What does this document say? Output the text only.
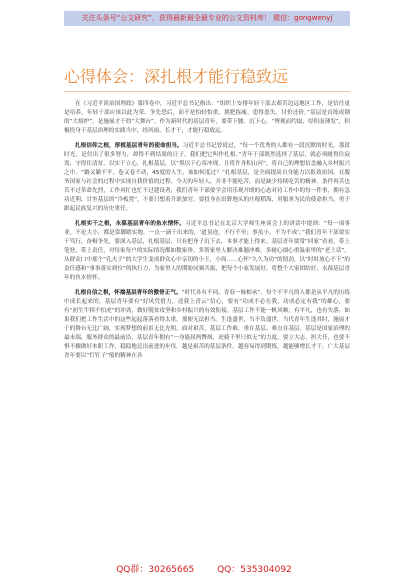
关注头条号“公文研究”，获得最新最全最专业的公文资料库！ 微信：gongwenyj
心得体会：深扎根才能行稳致远

在《习近平谈治国理政》第四卷中，习近平总书记指出：“组织上安排年轻干部去艰苦边远地区工作，是信任更是培养，年轻干部应该以此为荣、争先恐后，而不是怕轻怕重、挑肥拣瘦、患得患失、讨价还价。”基层是首练成钢的“大熔炉”，是施展才干的“大舞台”，作为新时代的基层青年，要带下腰、沉下心，“博观而约取，厚积而薄发”，积极投身于基层治理的实践当中，经风雨、长才干，才能行稳致远。

扎根信仰之根，厚植基层青年的使命担当。习近平总书记曾说过，“每一个优秀的人都有一段沉默的时光，那段时光，是付出了很多努力，却得不到结果的日子，我们把它叫作扎根。”青年干部既然选择了基层，就必须耐得住寂寞、守得住清贫，以实干立心，扎根基层，以“黑以干心寄冲现，且将许身积山河”，将自己的理想信念融入乡村振兴之中。“躺又躺不平，卷又卷不动，45度的人生，该如何度过？”扎根基层，是全面提高自身能力以报效祖国、在服务国家与社会的过程中实现自我价值的过程。今天的年轻人，并非不能吃苦，而是缺少持续吃苦的精神。条件再苦也苦不过革命先烈，工作再忙也忙不过建设者，我们青年干部要学会用乐观开朗的心态对待工作中的每一件事，拥有急功近利、甘坐基层的“冷板凳”，不要只想着升职加官，要投身在田野地头的庄稼稻海，用服务为民的使命担当，勇于跟起民族复兴的历史重任。

扎根实干之根，永葆基层青年的鱼水情怀。习近平总书记在北京大学师生座谈会上的讲话中提到：“每一项事业，不论大小，都是靠脚踏实地、一点一滴干出来的，‘道虽迩，不行不至；事虽小，不为不成’。”我们青年干部要实干笃行，奋楫争先，要深入基层，扎根基层，只有把身子沉下去，本事才能上得来。基层青年要常“回家”看看，带上笔登，带上责任，对每家每户的实际情况都如数家珍，多帮家里人解决难题冲难，多耐心细心重温家里的“老土话”，从群众口中那个“孔夫子”的大学生变成群众心中亲切的小王，小周……心怀“久久为功”的韧劲，以“时时放心不下”的责任感和“事事落实到位”的执行力，为家里人的期盼同频共振，把每个小家发展好，将整个大家团结好，永葆基层青年的鱼水情怀。

扎根自信之根，怀揣基层青年的傲骨正气。“时代各有不同，青春一脉相承”，每个不平凡的人都是从平凡的历练中成长起来的，基层青年要有“好风凭借力，送我上青云”信心，要有“功成不必在我，功成必定有我”的雄心，要有“初生牛犊不怕虎”的冲劲，做好脱贫攻坚和乡村振兴的有效衔接。基层工作不能一帆风顺，有平凡，也有失落。如果我们把工作生活中的这些起起落落看得太重，那便无法担当。生逢盛世，当不负盛世。当代青年生逢其时，施展才干的舞台无比广阔，实现梦想的前景无比光明。面对艰苦，基层工作难，重在基层、难点在基层。基层是国家治理的最末端，服务群众的最前沿，基层青年拥有“一身能屈两瞥飒，虎骑千里只似无”的力度，要立大志、担大任，也要不惧不骤做好本职工作，稳稳地迈出前进的步伐。越是艰苦的基层条件，越容易得到锻炼，越能够增长才干，广大基层青年要以“钉钉子”般的精神在各

QQ群：30265665	QQ：535304092
